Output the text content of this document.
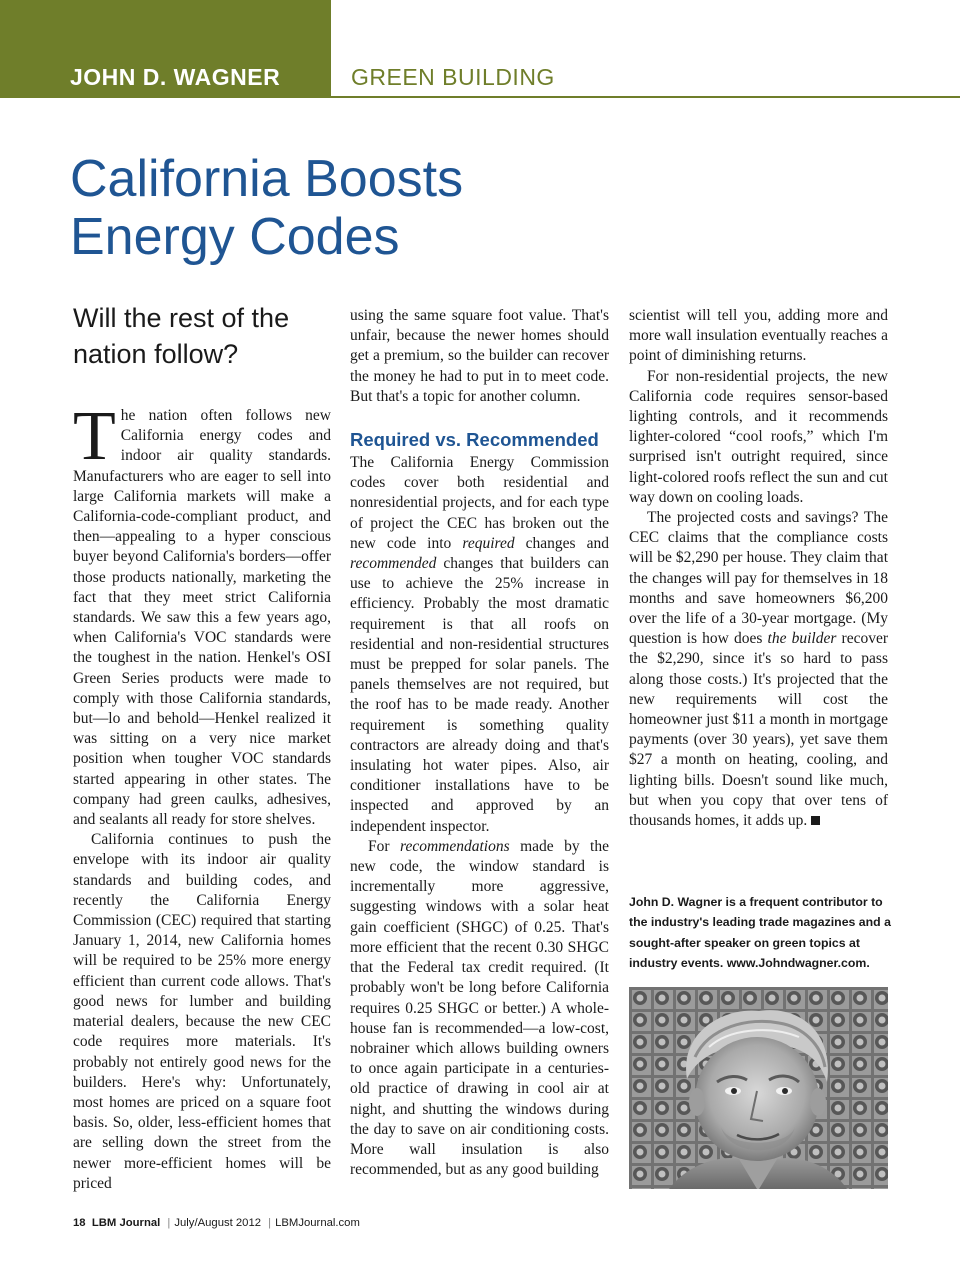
JOHN D. WAGNER	GREEN BUILDING
California Boosts
Energy Codes
Will the rest of the
nation follow?

The nation often follows new California energy codes and indoor air quality standards. Manufacturers who are eager to sell into large California markets will make a California-code-compliant product, and then—appealing to a hyper conscious buyer beyond California's borders—offer those products nationally, marketing the fact that they meet strict California standards. We saw this a few years ago, when California's VOC standards were the toughest in the nation. Henkel's OSI Green Series products were made to comply with those California standards, but—lo and behold—Henkel realized it was sitting on a very nice market position when tougher VOC standards started appearing in other states. The company had green caulks, adhesives, and sealants all ready for store shelves.

California continues to push the envelope with its indoor air quality standards and building codes, and recently the California Energy Commission (CEC) required that starting January 1, 2014, new California homes will be required to be 25% more energy efficient than current code allows. That's good news for lumber and building material dealers, because the new CEC code requires more materials. It's probably not entirely good news for the builders. Here's why: Unfortunately, most homes are priced on a square foot basis. So, older, less-efficient homes that are selling down the street from the newer more-efficient homes will be priced

using the same square foot value. That's unfair, because the newer homes should get a premium, so the builder can recover the money he had to put in to meet code. But that's a topic for another column.

Required vs. Recommended

The California Energy Commission codes cover both residential and nonresidential projects, and for each type of project the CEC has broken out the new code into required changes and recommended changes that builders can use to achieve the 25% increase in efficiency. Probably the most dramatic requirement is that all roofs on residential and non-residential structures must be prepped for solar panels. The panels themselves are not required, but the roof has to be made ready. Another requirement is something quality contractors are already doing and that's insulating hot water pipes. Also, air conditioner installations have to be inspected and approved by an independent inspector.

For recommendations made by the new code, the window standard is incrementally more aggressive, suggesting windows with a solar heat gain coefficient (SHGC) of 0.25. That's more efficient that the recent 0.30 SHGC that the Federal tax credit required. (It probably won't be long before California requires 0.25 SHGC or better.) A whole-house fan is recommended—a low-cost, nobrainer which allows building owners to once again participate in a centuries-old practice of drawing in cool air at night, and shutting the windows during the day to save on air conditioning costs. More wall insulation is also recommended, but as any good building

scientist will tell you, adding more and more wall insulation eventually reaches a point of diminishing returns.

For non-residential projects, the new California code requires sensor-based lighting controls, and it recommends lighter-colored “cool roofs,” which I'm surprised isn't outright required, since light-colored roofs reflect the sun and cut way down on cooling loads.

The projected costs and savings? The CEC claims that the compliance costs will be $2,290 per house. They claim that the changes will pay for themselves in 18 months and save homeowners $6,200 over the life of a 30-year mortgage. (My question is how does the builder recover the $2,290, since it's so hard to pass along those costs.) It's projected that the new requirements will cost the homeowner just $11 a month in mortgage payments (over 30 years), yet save them $27 a month on heating, cooling, and lighting bills. Doesn't sound like much, but when you copy that over tens of thousands homes, it adds up.

John D. Wagner is a frequent contributor to the industry's leading trade magazines and a sought-after speaker on green topics at industry events. www.Johndwagner.com.

18 LBM Journal | July/August 2012 | LBMJournal.com
